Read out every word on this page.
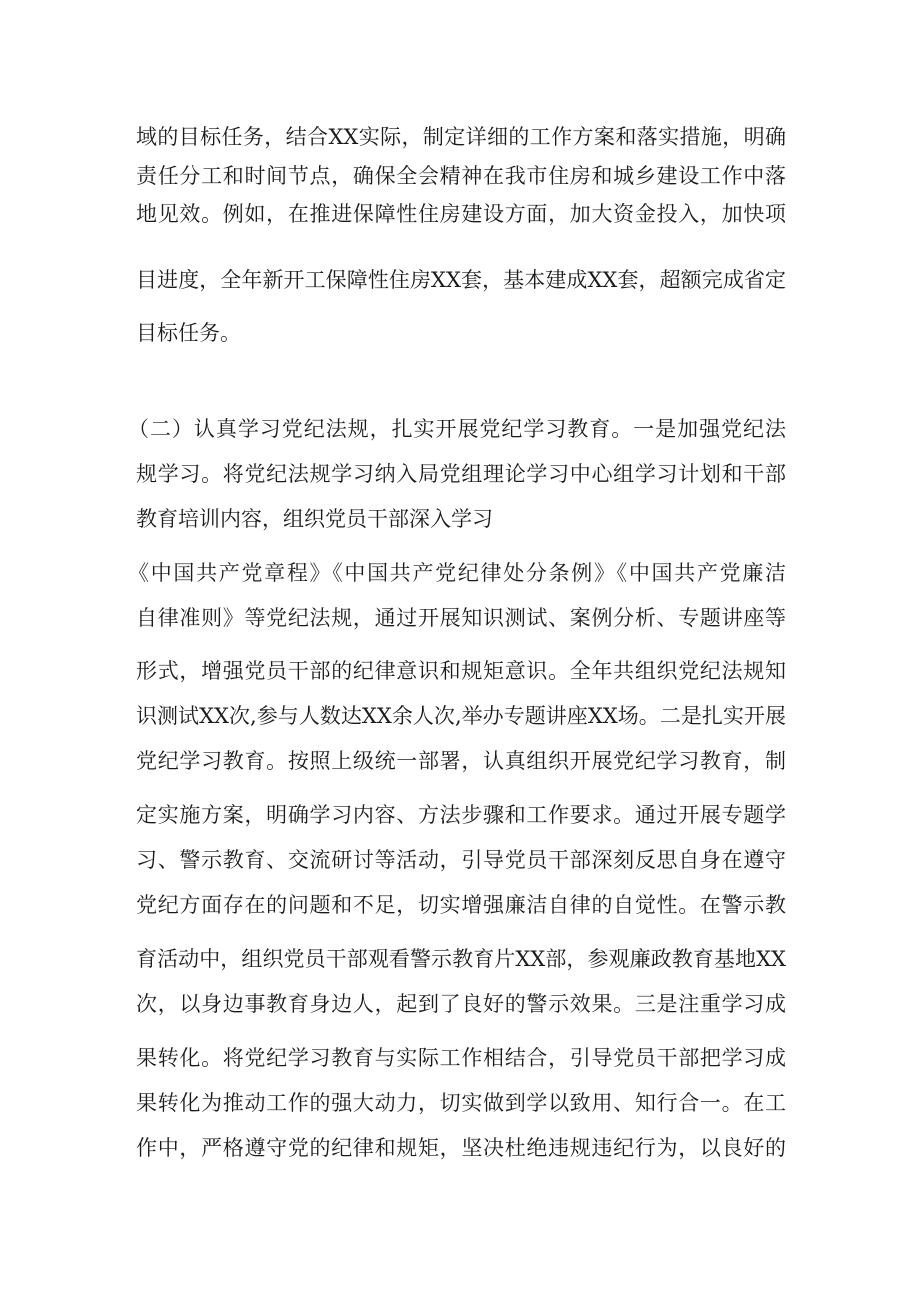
域的目标任务，结合XX实际，制定详细的工作方案和落实措施，明确

责任分工和时间节点，确保全会精神在我市住房和城乡建设工作中落

地见效。例如，在推进保障性住房建设方面，加大资金投入，加快项

目进度，全年新开工保障性住房XX套，基本建成XX套，超额完成省定

目标任务。

（二）认真学习党纪法规，扎实开展党纪学习教育。一是加强党纪法

规学习。将党纪法规学习纳入局党组理论学习中心组学习计划和干部

教育培训内容，组织党员干部深入学习

《中国共产党章程》《中国共产党纪律处分条例》《中国共产党廉洁

自律准则》等党纪法规，通过开展知识测试、案例分析、专题讲座等

形式，增强党员干部的纪律意识和规矩意识。全年共组织党纪法规知

识测试XX次,参与人数达XX余人次,举办专题讲座XX场。二是扎实开展

党纪学习教育。按照上级统一部署，认真组织开展党纪学习教育，制

定实施方案，明确学习内容、方法步骤和工作要求。通过开展专题学

习、警示教育、交流研讨等活动，引导党员干部深刻反思自身在遵守

党纪方面存在的问题和不足，切实增强廉洁自律的自觉性。在警示教

育活动中，组织党员干部观看警示教育片XX部，参观廉政教育基地XX

次，以身边事教育身边人，起到了良好的警示效果。三是注重学习成

果转化。将党纪学习教育与实际工作相结合，引导党员干部把学习成

果转化为推动工作的强大动力，切实做到学以致用、知行合一。在工

作中，严格遵守党的纪律和规矩，坚决杜绝违规违纪行为，以良好的
